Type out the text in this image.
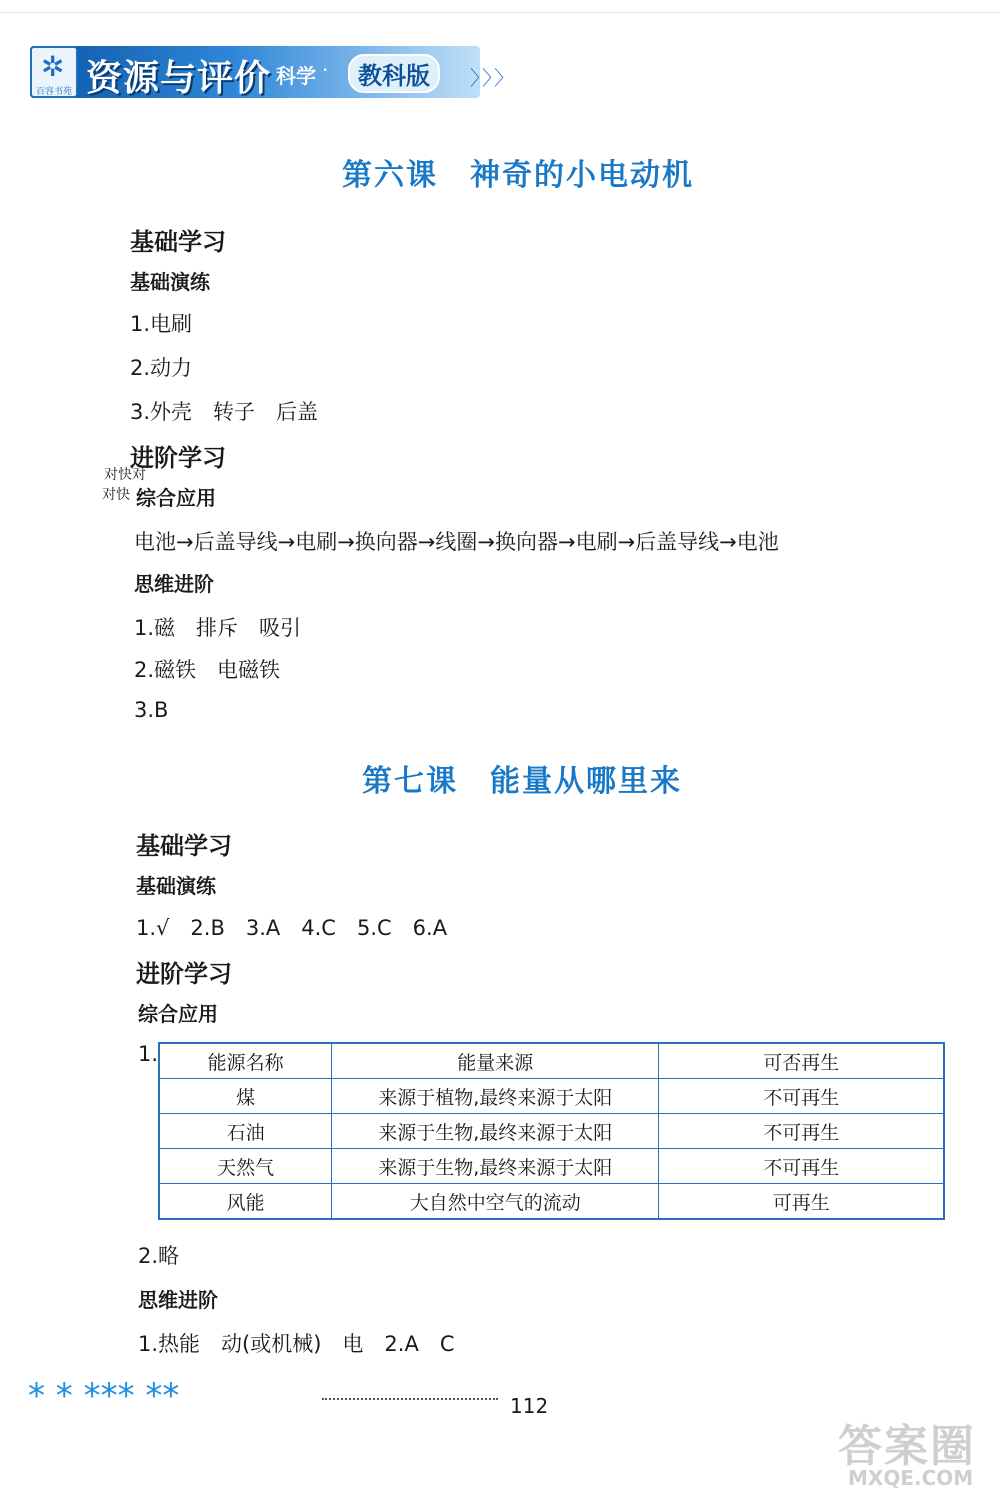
✲
百容书苑 资源与评价 科学 ·	教科版	〉〉〉
第六课　神奇的小电动机
基础学习
基础演练
1.电刷
2.动力
3.外壳　转子　后盖
进阶学习
对快对
对快 综合应用
电池→后盖导线→电刷→换向器→线圈→换向器→电刷→后盖导线→电池
思维进阶
1.磁　排斥　吸引
2.磁铁　电磁铁
3.B
第七课　能量从哪里来
基础学习
基础演练
1.√　2.B　3.A　4.C　5.C　6.A
进阶学习
综合应用
1.	能源名称	能量来源	可否再生
煤	来源于植物,最终来源于太阳	不可再生
石油	来源于生物,最终来源于太阳	不可再生
天然气	来源于生物,最终来源于太阳	不可再生
风能	大自然中空气的流动	可再生
2.略
思维进阶
1.热能　动(或机械)　电　2.A　C
* * *** **	112
答案圈
MXQE.COM
